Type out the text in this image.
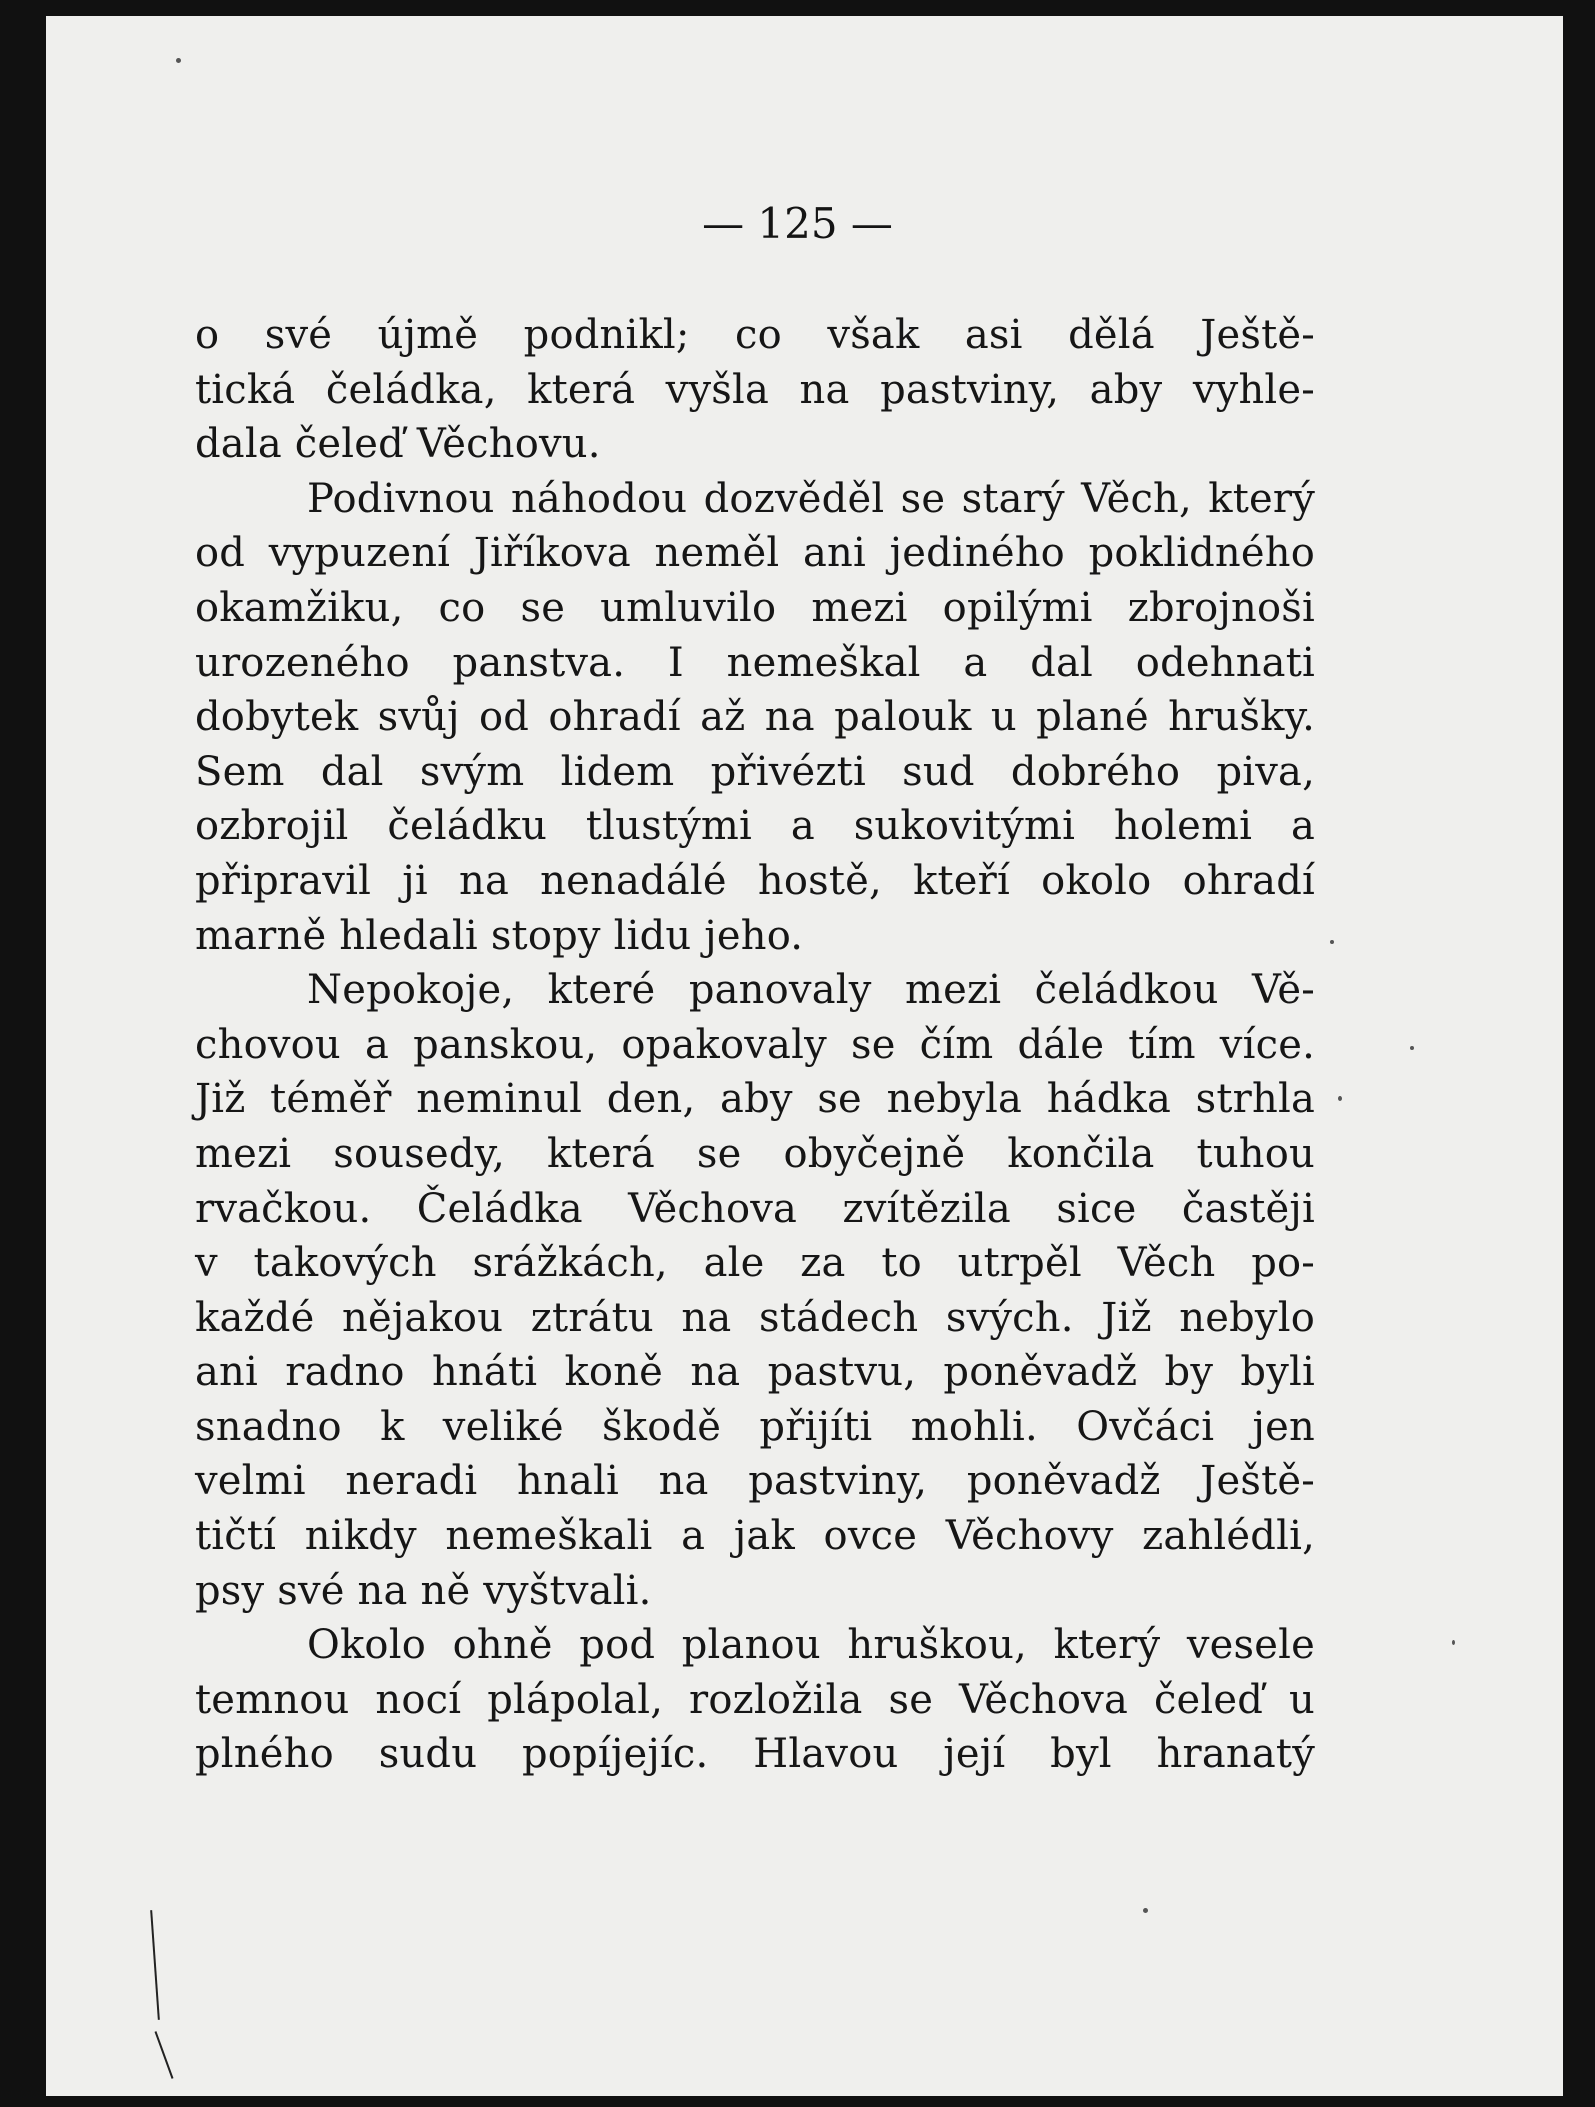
— 125 —
o své újmě podnikl; co však asi dělá Ještě-
tická čeládka, která vyšla na pastviny, aby vyhle-
dala čeleď Věchovu.
Podivnou náhodou dozvěděl se starý Věch, který
od vypuzení Jiříkova neměl ani jediného poklidného
okamžiku, co se umluvilo mezi opilými zbrojnoši
urozeného panstva. I nemeškal a dal odehnati
dobytek svůj od ohradí až na palouk u plané hrušky.
Sem dal svým lidem přivézti sud dobrého piva,
ozbrojil čeládku tlustými a sukovitými holemi a
připravil ji na nenadálé hostě, kteří okolo ohradí
marně hledali stopy lidu jeho.
Nepokoje, které panovaly mezi čeládkou Vě-
chovou a panskou, opakovaly se čím dále tím více.
Již téměř neminul den, aby se nebyla hádka strhla
mezi sousedy, která se obyčejně končila tuhou
rvačkou. Čeládka Věchova zvítězila sice častěji
v takových srážkách, ale za to utrpěl Věch po-
každé nějakou ztrátu na stádech svých. Již nebylo
ani radno hnáti koně na pastvu, poněvadž by byli
snadno k veliké škodě přijíti mohli. Ovčáci jen
velmi neradi hnali na pastviny, poněvadž Ještě-
tičtí nikdy nemeškali a jak ovce Věchovy zahlédli,
psy své na ně vyštvali.
Okolo ohně pod planou hruškou, který vesele
temnou nocí plápolal, rozložila se Věchova čeleď u
plného sudu popíjejíc. Hlavou její byl hranatý
